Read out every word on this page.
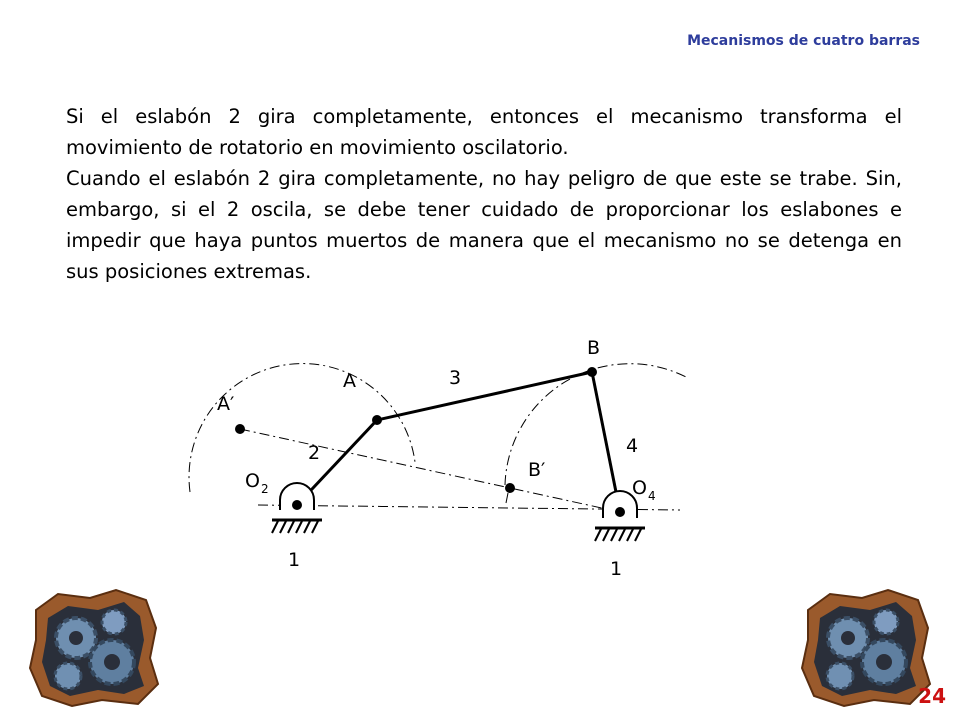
Mecanismos de cuatro barras

Si el eslabón 2 gira completamente, entonces el mecanismo transforma el movimiento de rotatorio en movimiento oscilatorio.

Cuando el eslabón 2 gira completamente, no hay peligro de que este se trabe. Sin, embargo, si el 2 oscila, se debe tener cuidado de proporcionar los eslabones e impedir que haya puntos muertos de manera que el mecanismo no se detenga en sus posiciones extremas.

B
A	3
A′
2	4
B′
O 2	O 4
1	1
24
